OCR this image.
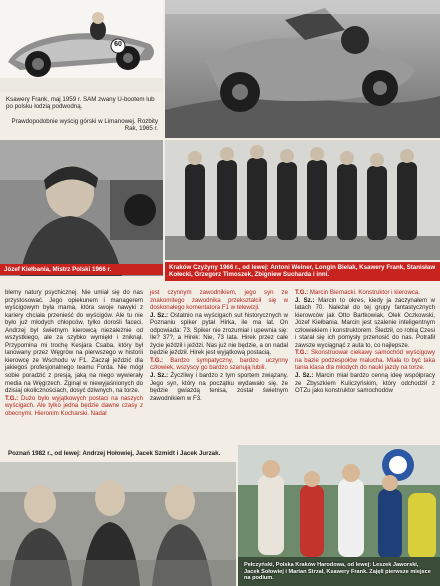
60
Ksawery Frank, maj 1959 r. SAM zwany U-bootem lub po polsku łodzią podwodną.
Prawdopodobnie wyścig górski w Limanowej. Rozbity Rak, 1965 r.
Józef Kiełbania, Mistrz Polski 1966 r.	Kraków Czyżyny 1966 r., od lewej: Antoni Weiner, Longin Bielak, Ksawery Frank, Stanisław Kołecki, Grzegorz Timoszek, Zbigniew Sucharda i inni.

blemy natury psychicznej. Nie umiał się do nas przystosować. Jego opiekunem i managerem wyścigowym była mama, która swoje nawyki z kariery chciała przenieść do wyścigów. Ale tu nie było już młodych chłopców, tylko dorośli faceci. Andrzej był świetnym kierowcą niezależnie od wszystkiego, ale za szybko wymiękł i zniknął. Przypomina mi trochę Kesjara Csaba, który był lanowany przez Węgrów na pierwszego w historii kierowcę ze Wschodu w F1. Zaczął jeździć dla jakiegoś profesjonalnego teamu Forda. Nie mógł sobie poradzić z presją, jaką na niego wywierały media na Węgrzech. Zginął w niewyjaśnionych do dzisiaj okolicznościach, dosyć dziwnych, na torze.

T.G.: Dużo było wyjątkowych postaci na naszych wyścigach. Ale tylko jedna będzie dawne czasy z obecnymi. Hieronim Kocharski. Nadal

jest czynnym zawodnikiem, jego syn ze znakomitego zawodnika przekształcił się w doskonałego komentatora F1 w telewizji.

J. Sz.: Ostatnio na wyścigach sut historycznych w Poznaniu spiker pytał Hirka, ile ma lat. On odpowiada: 73. Spiker nie zrozumiał i upewnia się: Ile? 37?, a Hirek: Nie, 73 lata. Hirek przez całe życie jeździł i jeździ. Nas już nie będzie, a on nadal będzie jeździł. Hirek jest wyjątkową postacią.

T.G.: Bardzo sympatyczny, bardzo uczynny człowiek, wszyscy go bardzo szanują lubili.

J. Sz.: Życzliwy i bardzo z tym sportem związany. Jego syn, który na początku wydawało się, że będzie gwiazdą tenisa, został świetnym zawodnikiem w F3.

T.G.: Marcin Biernacki. Konstruktor i kierowca.

J. Sz.: Marcin to okres, kiedy ja zaczynałem w latach 70. Należał do tej grupy fantastycznych kierowców jak Otto Bartkowiak, Olek Oczkowski, Józef Kiełbania. Marcin jest szalenie inteligentnym człowiekiem i konstruktorem. Śledził, co robią Czesi i starał się ich pomysły przenosić do nas. Potrafił zawsze wyciągnąć z auta to, co najlepsze.

T.G.: Skonstruował ciekawy samochód wyścigowy na bazie podzespołów malucha. Miała to być taka tania klasa dla młodych do nauki jazdy na torze.

J. Sz.: Marcin miał bardzo cenną ideę współpracy ze Zbyszkiem Kuliczyńskim, który odchodził z OTZu jako konstruktor samochodów

Poznań 1982 r., od lewej: Andrzej Hołowiej, Jacek Szmidt i Jacek Jurzak.
Pełczyński, Polska Kraków Harodowa, od lewej: Leszek Jaworski, Jacek Sołowiej i Marian Strzał, Ksawery Frank. Zajęli pierwsze miejsce na podium.
